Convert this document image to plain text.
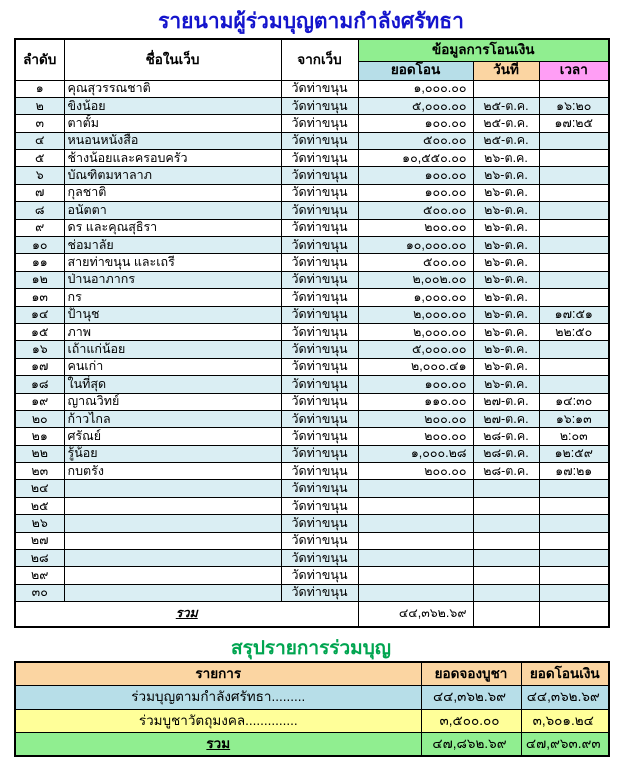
รายนามผู้ร่วมบุญตามกำลังศรัทธา
ลำดับ	ชื่อในเว็บ	จากเว็บ	ข้อมูลการโอนเงิน		
			ยอดโอน	วันที่	เวลา
๑	คุณสุวรรณชาติ	วัดท่าขนุน	๑,๐๐๐.๐๐		
๒	ขิงน้อย	วัดท่าขนุน	๕,๐๐๐.๐๐	๒๕-ต.ค.	๑๖:๒๐
๓	ตาตั้ม	วัดท่าขนุน	๑๐๐.๐๐	๒๕-ต.ค.	๑๗:๒๕
๔	หนอนหนังสือ	วัดท่าขนุน	๕๐๐.๐๐	๒๕-ต.ค.	
๕	ช้างน้อยและครอบครัว	วัดท่าขนุน	๑๐,๕๕๐.๐๐	๒๖-ต.ค.	
๖	บัณฑิตมหาลาภ	วัดท่าขนุน	๑๐๐.๐๐	๒๖-ต.ค.	
๗	กุลชาติ	วัดท่าขนุน	๑๐๐.๐๐	๒๖-ต.ค.	
๘	อนัตตา	วัดท่าขนุน	๕๐๐.๐๐	๒๖-ต.ค.	
๙	ดร และคุณสุธิรา	วัดท่าขนุน	๒๐๐.๐๐	๒๖-ต.ค.	
๑๐	ช่อมาลัย	วัดท่าขนุน	๑๐,๐๐๐.๐๐	๒๖-ต.ค.	
๑๑	สายท่าขนุน และเถรี	วัดท่าขนุน	๕๐๐.๐๐	๒๖-ต.ค.	
๑๒	ป่านอาภากร	วัดท่าขนุน	๒,๐๐๒.๐๐	๒๖-ต.ค.	
๑๓	กร	วัดท่าขนุน	๑,๐๐๐.๐๐	๒๖-ต.ค.	
๑๔	ป้านุช	วัดท่าขนุน	๒,๐๐๐.๐๐	๒๖-ต.ค.	๑๗:๕๑
๑๕	ภาพ	วัดท่าขนุน	๒,๐๐๐.๐๐	๒๖-ต.ค.	๒๒:๕๐
๑๖	เถ้าแก่น้อย	วัดท่าขนุน	๕,๐๐๐.๐๐	๒๖-ต.ค.	
๑๗	คนเก่า	วัดท่าขนุน	๒,๐๐๐.๔๑	๒๖-ต.ค.	
๑๘	ในที่สุด	วัดท่าขนุน	๑๐๐.๐๐	๒๖-ต.ค.	
๑๙	ญาณวิทย์	วัดท่าขนุน	๑๑๐.๐๐	๒๗-ต.ค.	๑๔:๓๐
๒๐	ก้าวไกล	วัดท่าขนุน	๒๐๐.๐๐	๒๗-ต.ค.	๑๖:๑๓
๒๑	ศรัณย์	วัดท่าขนุน	๒๐๐.๐๐	๒๘-ต.ค.	๒:๐๓
๒๒	รู้น้อย	วัดท่าขนุน	๑,๐๐๐.๒๘	๒๘-ต.ค.	๑๒:๕๙
๒๓	กบตรัง	วัดท่าขนุน	๒๐๐.๐๐	๒๘-ต.ค.	๑๗:๒๑
๒๔		วัดท่าขนุน			
๒๕		วัดท่าขนุน			
๒๖		วัดท่าขนุน			
๒๗		วัดท่าขนุน			
๒๘		วัดท่าขนุน			
๒๙		วัดท่าขนุน			
๓๐		วัดท่าขนุน			
รวม			๔๔,๓๖๒.๖๙		
สรุปรายการร่วมบุญ
รายการ	ยอดจองบูชา	ยอดโอนเงิน
ร่วมบุญตามกำลังศรัทธา.........	๔๔,๓๖๒.๖๙	๔๔,๓๖๒.๖๙
ร่วมบูชาวัตถุมงคล..............	๓,๕๐๐.๐๐	๓,๖๐๑.๒๔
รวม	๔๗,๘๖๒.๖๙	๔๗,๙๖๓.๙๓
